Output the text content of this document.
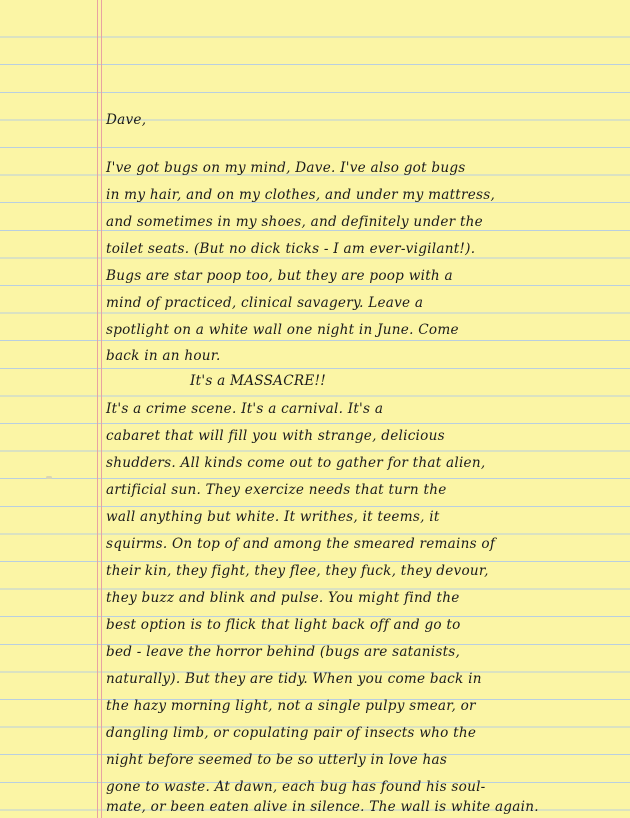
Dave,
I've got bugs on my mind, Dave. I've also got bugs
in my hair, and on my clothes, and under my mattress,
and sometimes in my shoes, and definitely under the
toilet seats. (But no dick ticks - I am ever-vigilant!).
Bugs are star poop too, but they are poop with a
mind of practiced, clinical savagery. Leave a
spotlight on a white wall one night in June. Come
back in an hour.
It's a MASSACRE!!
It's a crime scene. It's a carnival. It's a
cabaret that will fill you with strange, delicious
shudders. All kinds come out to gather for that alien,
artificial sun. They exercize needs that turn the
wall anything but white. It writhes, it teems, it
squirms. On top of and among the smeared remains of
their kin, they fight, they flee, they fuck, they devour,
they buzz and blink and pulse. You might find the
best option is to flick that light back off and go to
bed - leave the horror behind (bugs are satanists,
naturally). But they are tidy. When you come back in
the hazy morning light, not a single pulpy smear, or
dangling limb, or copulating pair of insects who the
night before seemed to be so utterly in love has
gone to waste. At dawn, each bug has found his soul-
mate, or been eaten alive in silence. The wall is white again.
